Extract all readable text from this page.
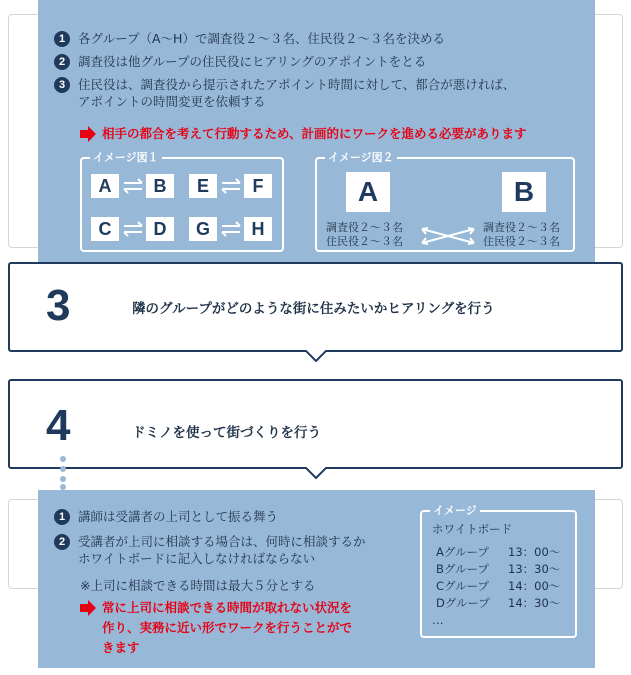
1	各グループ（A〜H）で調査役２〜３名、住民役２〜３名を決める
2	調査役は他グループの住民役にヒアリングのアポイントをとる
3	住民役は、調査役から提示されたアポイント時間に対して、都合が悪ければ、
アポイントの時間変更を依頼する
相手の都合を考えて行動するため、計画的にワークを進める必要があります
イメージ図１
A	B	E	F
C	D	G	H
イメージ図２
A	B
調査役２〜３名
住民役２〜３名
調査役２〜３名
住民役２〜３名
3	隣のグループがどのような街に住みたいかヒアリングを行う
4	ドミノを使って街づくりを行う
1	講師は受講者の上司として振る舞う
2	受講者が上司に相談する場合は、何時に相談するか
ホワイトボードに記入しなければならない
※上司に相談できる時間は最大５分とする
常に上司に相談できる時間が取れない状況を
作り、実務に近い形でワークを行うことがで
きます
イメージ
ホワイトボード
Aグループ 13：00〜
Bグループ 13：30〜
Cグループ 14：00〜
Dグループ 14：30〜
…
